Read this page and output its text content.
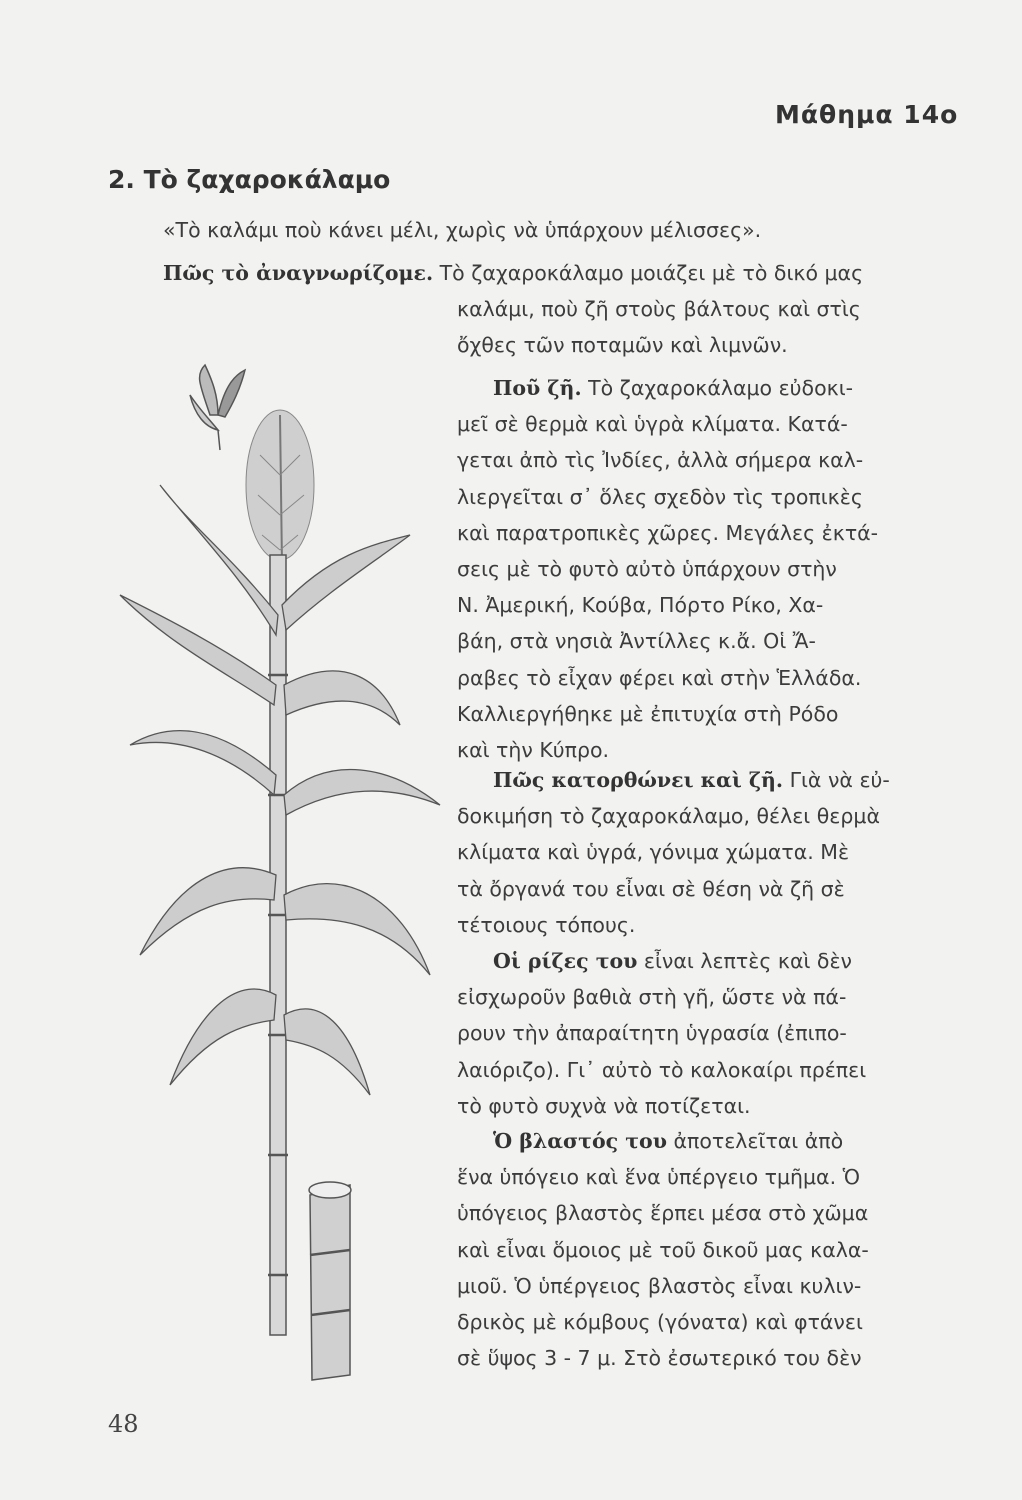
Μάθημα 14ο
2. Τὸ ζαχαροκάλαμο
«Τὸ καλάμι ποὺ κάνει μέλι, χωρὶς νὰ ὑπάρχουν μέλισσες».
Πῶς τὸ ἀναγνωρίζομε. Τὸ ζαχαροκάλαμο μοιάζει μὲ τὸ δικό μας
καλάμι, ποὺ ζῆ στοὺς βάλτους καὶ στὶς
ὄχθες τῶν ποταμῶν καὶ λιμνῶν.
Ποῦ ζῆ. Τὸ ζαχαροκάλαμο εὐδοκι-
μεῖ σὲ θερμὰ καὶ ὑγρὰ κλίματα. Κατά-
γεται ἀπὸ τὶς Ἰνδίες, ἀλλὰ σήμερα καλ-
λιεργεῖται σ᾿ ὅλες σχεδὸν τὶς τροπικὲς
καὶ παρατροπικὲς χῶρες. Μεγάλες ἐκτά-
σεις μὲ τὸ φυτὸ αὐτὸ ὑπάρχουν στὴν
Ν. Ἀμερική, Κούβα, Πόρτο Ρίκο, Χα-
βάη, στὰ νησιὰ Ἀντίλλες κ.ἄ. Οἱ Ἄ-
ραβες τὸ εἶχαν φέρει καὶ στὴν Ἑλλάδα.
Καλλιεργήθηκε μὲ ἐπιτυχία στὴ Ρόδο
καὶ τὴν Κύπρο.
Πῶς κατορθώνει καὶ ζῆ. Γιὰ νὰ εὐ-
δοκιμήση τὸ ζαχαροκάλαμο, θέλει θερμὰ
κλίματα καὶ ὑγρά, γόνιμα χώματα. Μὲ
τὰ ὄργανά του εἶναι σὲ θέση νὰ ζῆ σὲ
τέτοιους τόπους.
Οἱ ρίζες του εἶναι λεπτὲς καὶ δὲν
εἰσχωροῦν βαθιὰ στὴ γῆ, ὥστε νὰ πά-
ρουν τὴν ἀπαραίτητη ὑγρασία (ἐπιπο-
λαιόριζο). Γι᾿ αὐτὸ τὸ καλοκαίρι πρέπει
τὸ φυτὸ συχνὰ νὰ ποτίζεται.
Ὁ βλαστός του ἀποτελεῖται ἀπὸ
ἕνα ὑπόγειο καὶ ἕνα ὑπέργειο τμῆμα. Ὁ
ὑπόγειος βλαστὸς ἕρπει μέσα στὸ χῶμα
καὶ εἶναι ὅμοιος μὲ τοῦ δικοῦ μας καλα-
μιοῦ. Ὁ ὑπέργειος βλαστὸς εἶναι κυλιν-
δρικὸς μὲ κόμβους (γόνατα) καὶ φτάνει
σὲ ὕψος 3 - 7 μ. Στὸ ἐσωτερικό του δὲν
48
